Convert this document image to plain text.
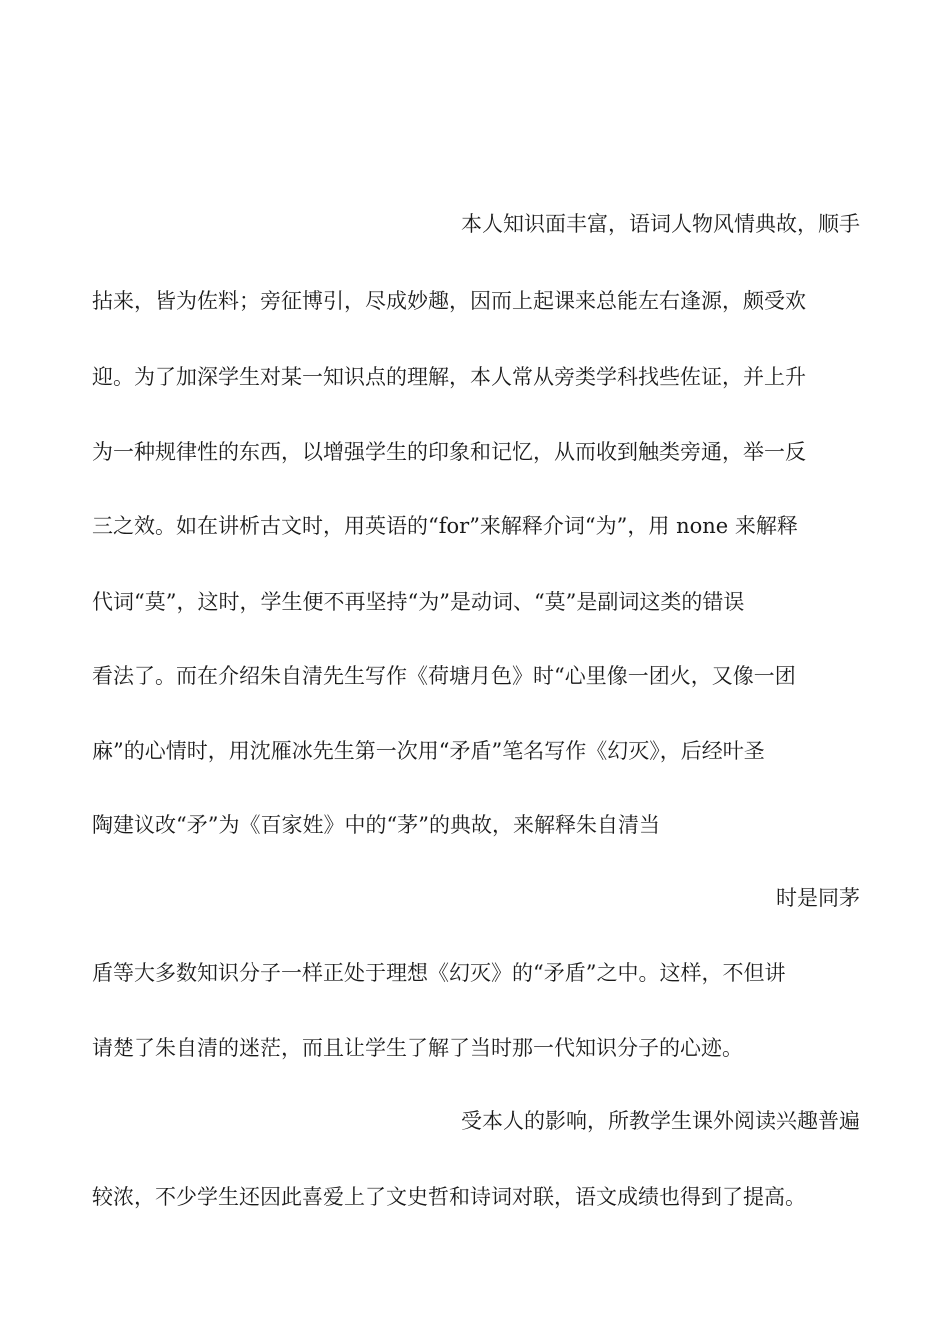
本人知识面丰富，语词人物风情典故，顺手
拈来，皆为佐料；旁征博引，尽成妙趣，因而上起课来总能左右逢源，颇受欢
迎。为了加深学生对某一知识点的理解，本人常从旁类学科找些佐证，并上升
为一种规律性的东西，以增强学生的印象和记忆，从而收到触类旁通，举一反
三之效。如在讲析古文时，用英语的“for”来解释介词“为”，用 none 来解释
代词“莫”，这时，学生便不再坚持“为”是动词、“莫”是副词这类的错误
看法了。而在介绍朱自清先生写作《荷塘月色》时“心里像一团火，又像一团
麻”的心情时，用沈雁冰先生第一次用“矛盾”笔名写作《幻灭》，后经叶圣
陶建议改“矛”为《百家姓》中的“茅”的典故，来解释朱自清当
时是同茅
盾等大多数知识分子一样正处于理想《幻灭》的“矛盾”之中。这样，不但讲
请楚了朱自清的迷茫，而且让学生了解了当时那一代知识分子的心迹。
受本人的影响，所教学生课外阅读兴趣普遍
较浓，不少学生还因此喜爱上了文史哲和诗词对联，语文成绩也得到了提高。
